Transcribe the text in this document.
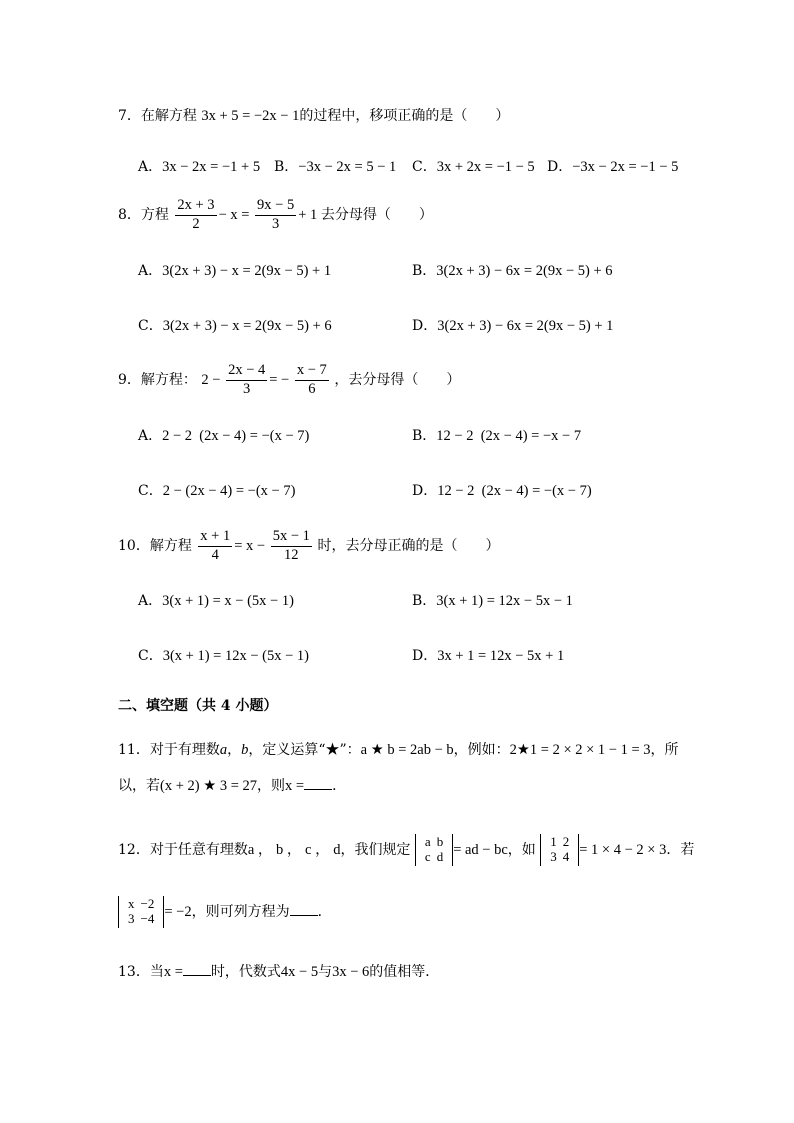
7．在解方程 3x + 5 = −2x − 1的过程中，移项正确的是（　　）
A．3x − 2x = −1 + 5 B．−3x − 2x = 5 − 1 C．3x + 2x = −1 − 5 D．−3x − 2x = −1 − 5
8．方程 $\frac{2x + 3}{2} - x = \frac{9x - 5}{3} + 1$ 去分母得（　　）
A．3(2x + 3) − x = 2(9x − 5) + 1	B．3(2x + 3) − 6x = 2(9x − 5) + 6
C．3(2x + 3) − x = 2(9x − 5) + 6	D．3(2x + 3) − 6x = 2(9x − 5) + 1
9．解方程： $2 - \frac{2x - 4}{3}$ = − $\frac{x - 7}{6}$ ，去分母得（　　）
A．2 − 2  (2x − 4) = −(x − 7)	B．12 − 2  (2x − 4) = −x − 7
C．2 − (2x − 4) = −(x − 7)	D．12 − 2  (2x − 4) = −(x − 7)
10．解方程 $\frac{x + 1}{4} = x - \frac{5x - 1}{12}$ 时，去分母正确的是（　　）
A．3(x + 1) = x − (5x − 1)	B．3(x + 1) = 12x − 5x − 1
C．3(x + 1) = 12x − (5x − 1)	D．3x + 1 = 12x − 5x + 1
二、填空题（共 4 小题）
11．对于有理数a，b，定义运算“★”：a ★ b = 2ab − b，例如：2★1 = 2 × 2 × 1 − 1 = 3，所
以，若(x + 2) ★ 3 = 27，则x = ．
12．对于任意有理数a ， b ， c ， d，我们规定
a	b
c	d = ad − bc，如
1	2
3	4 = 1 × 4 − 2 × 3．若
x	−2
3	−4 = −2，则可列方程为 ．
13．当x = 时，代数式4x − 5与3x − 6的值相等．
